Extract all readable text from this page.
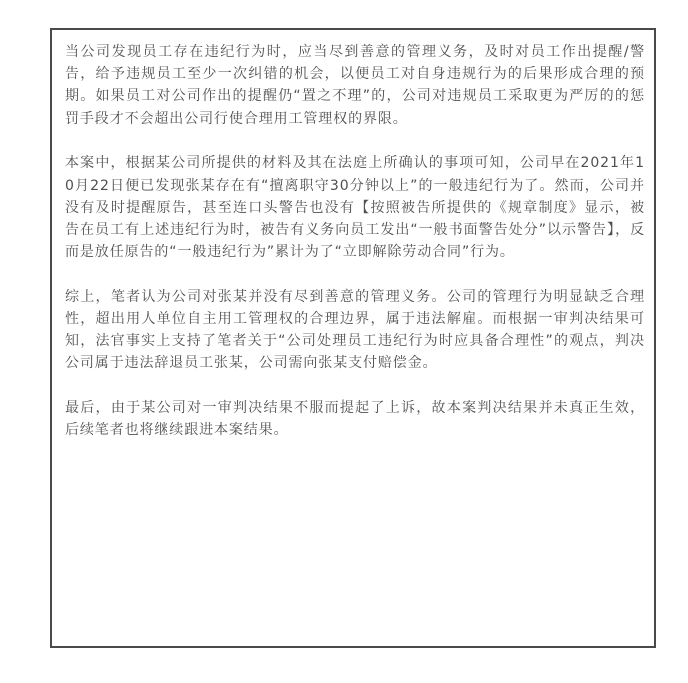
当公司发现员工存在违纪行为时，应当尽到善意的管理义务，及时对员工作出提醒/警告，给予违规员工至少一次纠错的机会，以便员工对自身违规行为的后果形成合理的预期。如果员工对公司作出的提醒仍“置之不理”的，公司对违规员工采取更为严厉的的惩罚手段才不会超出公司行使合理用工管理权的界限。

本案中，根据某公司所提供的材料及其在法庭上所确认的事项可知，公司早在2021年10月22日便已发现张某存在有“擅离职守30分钟以上”的一般违纪行为了。然而，公司并没有及时提醒原告，甚至连口头警告也没有【按照被告所提供的《规章制度》显示，被告在员工有上述违纪行为时，被告有义务向员工发出“一般书面警告处分”以示警告】，反而是放任原告的“一般违纪行为”累计为了“立即解除劳动合同”行为。

综上，笔者认为公司对张某并没有尽到善意的管理义务。公司的管理行为明显缺乏合理性，超出用人单位自主用工管理权的合理边界，属于违法解雇。而根据一审判决结果可知，法官事实上支持了笔者关于“公司处理员工违纪行为时应具备合理性”的观点，判决公司属于违法辞退员工张某，公司需向张某支付赔偿金。

最后，由于某公司对一审判决结果不服而提起了上诉，故本案判决结果并未真正生效，后续笔者也将继续跟进本案结果。
